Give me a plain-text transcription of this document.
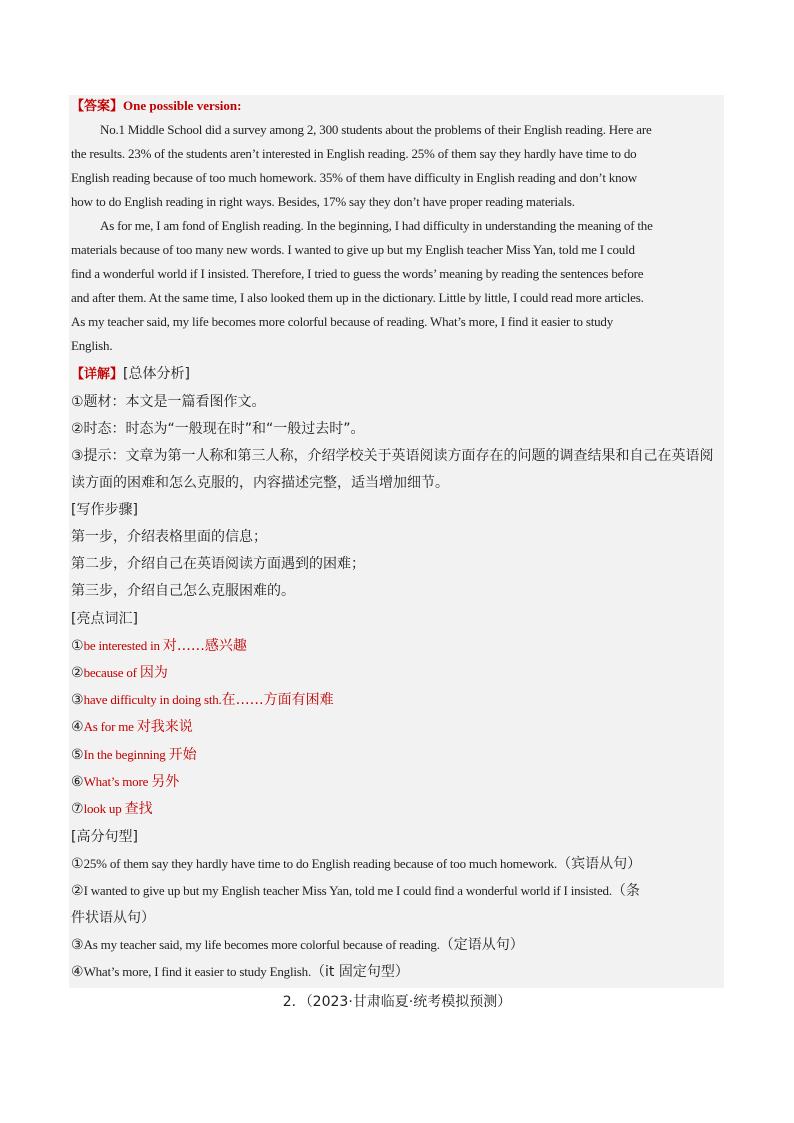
【答案】One possible version:
No.1 Middle School did a survey among 2, 300 students about the problems of their English reading. Here are
the results. 23% of the students aren’t interested in English reading. 25% of them say they hardly have time to do
English reading because of too much homework. 35% of them have difficulty in English reading and don’t know
how to do English reading in right ways. Besides, 17% say they don’t have proper reading materials.
As for me, I am fond of English reading. In the beginning, I had difficulty in understanding the meaning of the
materials because of too many new words. I wanted to give up but my English teacher Miss Yan, told me I could
find a wonderful world if I insisted. Therefore, I tried to guess the words’ meaning by reading the sentences before
and after them. At the same time, I also looked them up in the dictionary. Little by little, I could read more articles.
As my teacher said, my life becomes more colorful because of reading. What’s more, I find it easier to study
English.
【详解】[总体分析]
①题材：本文是一篇看图作文。
②时态：时态为“一般现在时”和“一般过去时”。
③提示：文章为第一人称和第三人称，介绍学校关于英语阅读方面存在的问题的调查结果和自己在英语阅
读方面的困难和怎么克服的，内容描述完整，适当增加细节。
[写作步骤]
第一步，介绍表格里面的信息；
第二步，介绍自己在英语阅读方面遇到的困难；
第三步，介绍自己怎么克服困难的。
[亮点词汇]
①be interested in 对……感兴趣
②because of 因为
③have difficulty in doing sth.在……方面有困难
④As for me 对我来说
⑤In the beginning 开始
⑥What’s more 另外
⑦look up 查找
[高分句型]
①25% of them say they hardly have time to do English reading because of too much homework.（宾语从句）
②I wanted to give up but my English teacher Miss Yan, told me I could find a wonderful world if I insisted.（条
件状语从句）
③As my teacher said, my life becomes more colorful because of reading.（定语从句）
④What’s more, I find it easier to study English.（it 固定句型）
2．（2023·甘肃临夏·统考模拟预测）
